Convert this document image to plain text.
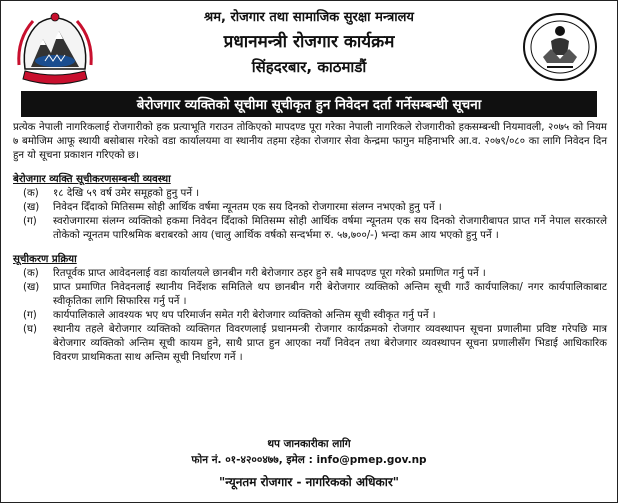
श्रम, रोजगार तथा सामाजिक सुरक्षा मन्त्रालय
प्रधानमन्त्री रोजगार कार्यक्रम
सिंहदरबार, काठमाडौं
बेरोजगार व्यक्तिको सूचीमा सूचीकृत हुन निवेदन दर्ता गर्नेसम्बन्धी सूचना
प्रत्येक नेपाली नागरिकलाई रोजगारीको हक प्रत्याभूति गराउन तोकिएको मापदण्ड पूरा गरेका नेपाली नागरिकले रोजगारीको हकसम्बन्धी नियमावली, २०७५ को नियम ७ बमोजिम आफू स्थायी बसोबास गरेको वडा कार्यालयमा वा स्थानीय तहमा रहेका रोजगार सेवा केन्द्रमा फागुन महिनाभरि आ.व. २०७९/०८० का लागि निवेदन दिन हुन यो सूचना प्रकाशन गरिएको छ।
बेरोजगार व्यक्ति सूचीकरणसम्बन्धी व्यवस्था
(क)	१८ देखि ५९ वर्ष उमेर समूहको हुनु पर्ने ।
(ख)	निवेदन दिँदाको मितिसम्म सोही आर्थिक वर्षमा न्यूनतम एक सय दिनको रोजगारमा संलग्न नभएको हुनु पर्ने ।
(ग)	स्वरोजगारमा संलग्न व्यक्तिको हकमा निवेदन दिँदाको मितिसम्म सोही आर्थिक वर्षमा न्यूनतम एक सय दिनको रोजगारीबापत प्राप्त गर्ने नेपाल सरकारले तोकेको न्यूनतम पारिश्रमिक बराबरको आय (चालु आर्थिक वर्षको सन्दर्भमा रु. ५७,७००/-) भन्दा कम आय भएको हुनु पर्ने ।
सूचीकरण प्रक्रिया
(क)	रितपूर्वक प्राप्त आवेदनलाई वडा कार्यालयले छानबीन गरी बेरोजगार ठहर हुने सबै मापदण्ड पूरा गरेको प्रमाणित गर्नु पर्ने ।
(ख)	प्राप्त प्रमाणित निवेदनलाई स्थानीय निर्देशक समितिले थप छानबीन गरी बेरोजगार व्यक्तिको अन्तिम सूची गाउँ कार्यपालिका/ नगर कार्यपालिकाबाट स्वीकृतिका लागि सिफारिस गर्नु पर्ने ।
(ग)	कार्यपालिकाले आवश्यक भए थप परिमार्जन समेत गरी बेरोजगार व्यक्तिको अन्तिम सूची स्वीकृत गर्नु पर्ने ।
(घ)	स्थानीय तहले बेरोजगार व्यक्तिको व्यक्तिगत विवरणलाई प्रधानमन्त्री रोजगार कार्यक्रमको रोजगार व्यवस्थापन सूचना प्रणालीमा प्रविष्ट गरेपछि मात्र बेरोजगार व्यक्तिको अन्तिम सूची कायम हुने, साथै प्राप्त हुन आएका नयाँ निवेदन तथा बेरोजगार व्यवस्थापन सूचना प्रणालीसँग भिडाई आधिकारिक विवरण प्राथमिकता साथ अन्तिम सूची निर्धारण गर्ने ।
थप जानकारीका लागि
फोन नं. ०१-४२००४७७, इमेल : info@pmep.gov.np
"न्यूनतम रोजगार - नागरिकको अधिकार"
